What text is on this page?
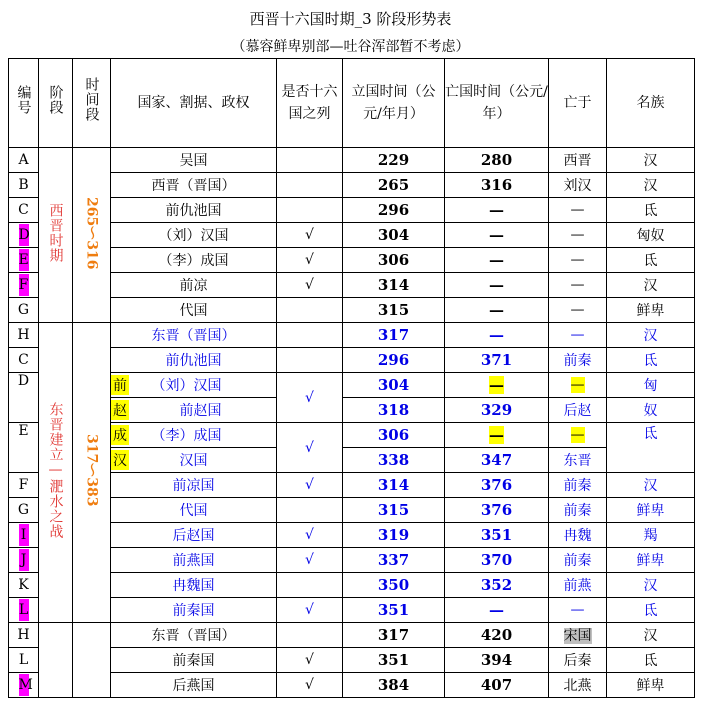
西晋十六国时期_3 阶段形势表
（慕容鲜卑别部—吐谷浑部暂不考虑）
编号	阶段	时间段	国家、割据、政权	是否十六国之列	立国时间（公元/年月）	亡国时间（公元/年）	亡于	名族
A	西晋时期	265～316	吴国		229	280	西晋	汉
B			西晋（晋国）		265	316	刘汉	汉
C			前仇池国		296	—	—	氐
D			（刘）汉国	√	304	—	—	匈奴
E			（李）成国	√	306	—	—	氐
F			前凉	√	314	—	—	汉
G			代国		315	—	—	鲜卑
H	东晋建立—淝水之战	317～383	东晋（晋国）		317	—	—	汉
C			前仇池国		296	371	前秦	氐
D			前 （刘）汉国	√	304	—	—	匈
			赵 前赵国		318	329	后赵	奴
E			成 （李）成国	√	306	—	—	氐
			汉 汉国		338	347	东晋	
F			前凉国	√	314	376	前秦	汉
G			代国		315	376	前秦	鲜卑
I			后赵国	√	319	351	冉魏	羯
J			前燕国	√	337	370	前秦	鲜卑
K			冉魏国		350	352	前燕	汉
L			前秦国	√	351	—	—	氐
H			东晋（晋国）		317	420	宋国	汉
L			前秦国	√	351	394	后秦	氐
M			后燕国	√	384	407	北燕	鲜卑
